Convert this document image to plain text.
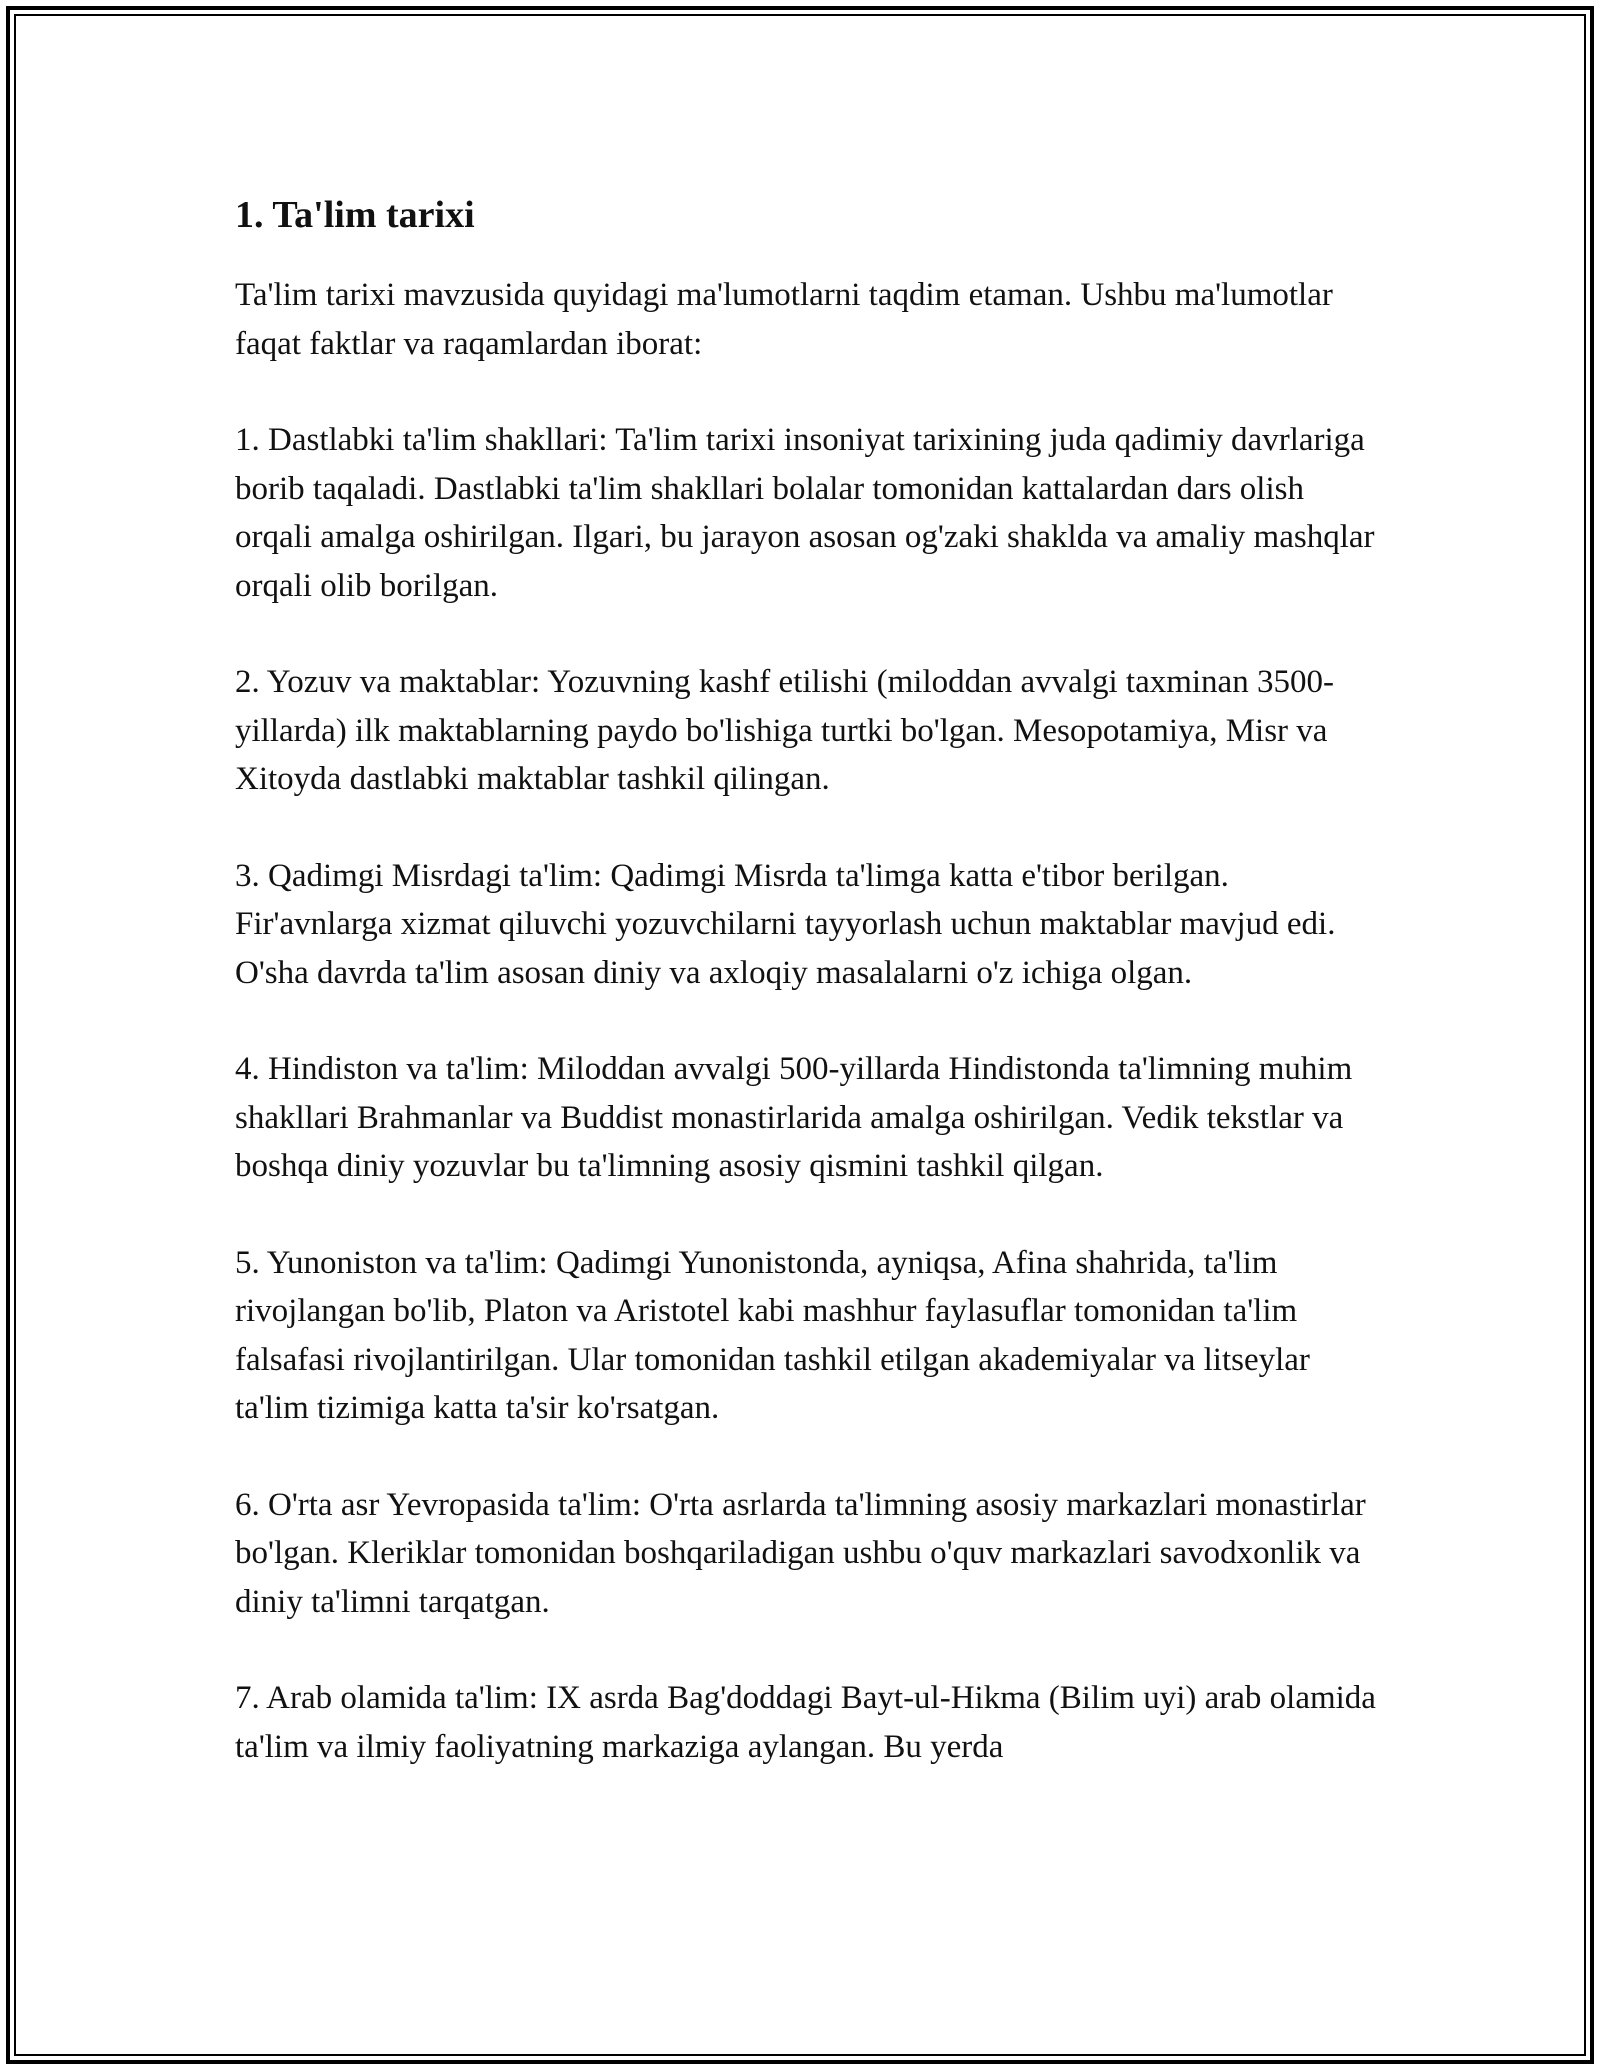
1. Ta'lim tarixi

Ta'lim tarixi mavzusida quyidagi ma'lumotlarni taqdim etaman. Ushbu ma'lumotlar faqat faktlar va raqamlardan iborat:

1. Dastlabki ta'lim shakllari: Ta'lim tarixi insoniyat tarixining juda qadimiy davrlariga borib taqaladi. Dastlabki ta'lim shakllari bolalar tomonidan kattalardan dars olish orqali amalga oshirilgan. Ilgari, bu jarayon asosan og'zaki shaklda va amaliy mashqlar orqali olib borilgan.

2. Yozuv va maktablar: Yozuvning kashf etilishi (miloddan avvalgi taxminan 3500-yillarda) ilk maktablarning paydo bo'lishiga turtki bo'lgan. Mesopotamiya, Misr va Xitoyda dastlabki maktablar tashkil qilingan.

3. Qadimgi Misrdagi ta'lim: Qadimgi Misrda ta'limga katta e'tibor berilgan. Fir'avnlarga xizmat qiluvchi yozuvchilarni tayyorlash uchun maktablar mavjud edi. O'sha davrda ta'lim asosan diniy va axloqiy masalalarni o'z ichiga olgan.

4. Hindiston va ta'lim: Miloddan avvalgi 500-yillarda Hindistonda ta'limning muhim shakllari Brahmanlar va Buddist monastirlarida amalga oshirilgan. Vedik tekstlar va boshqa diniy yozuvlar bu ta'limning asosiy qismini tashkil qilgan.

5. Yunoniston va ta'lim: Qadimgi Yunonistonda, ayniqsa, Afina shahrida, ta'lim rivojlangan bo'lib, Platon va Aristotel kabi mashhur faylasuflar tomonidan ta'lim falsafasi rivojlantirilgan. Ular tomonidan tashkil etilgan akademiyalar va litseylar ta'lim tizimiga katta ta'sir ko'rsatgan.

6. O'rta asr Yevropasida ta'lim: O'rta asrlarda ta'limning asosiy markazlari monastirlar bo'lgan. Kleriklar tomonidan boshqariladigan ushbu o'quv markazlari savodxonlik va diniy ta'limni tarqatgan.

7. Arab olamida ta'lim: IX asrda Bag'doddagi Bayt-ul-Hikma (Bilim uyi) arab olamida ta'lim va ilmiy faoliyatning markaziga aylangan. Bu yerda
